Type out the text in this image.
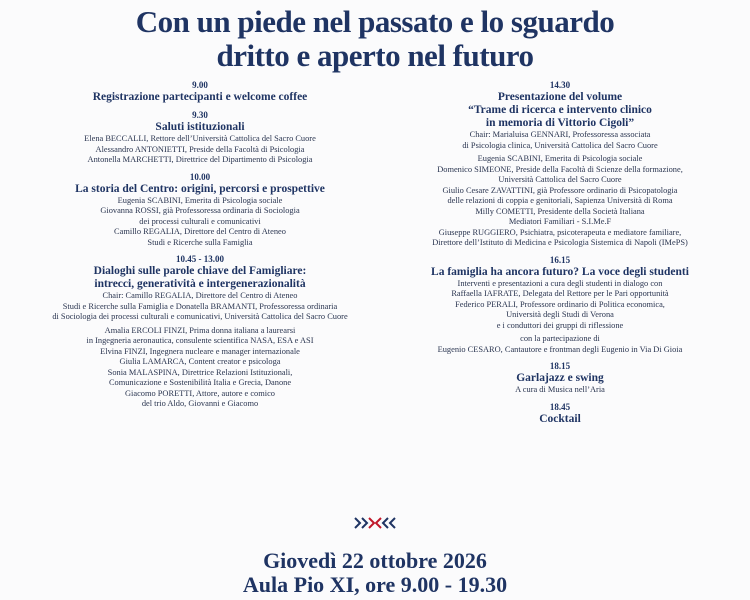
Con un piede nel passato e lo sguardo
dritto e aperto nel futuro
9.00
Registrazione partecipanti e welcome coffee
9.30
Saluti istituzionali
Elena BECCALLI, Rettore dell’Università Cattolica del Sacro Cuore
Alessandro ANTONIETTI, Preside della Facoltà di Psicologia
Antonella MARCHETTI, Direttrice del Dipartimento di Psicologia
10.00
La storia del Centro: origini, percorsi e prospettive
Eugenia SCABINI, Emerita di Psicologia sociale
Giovanna ROSSI, già Professoressa ordinaria di Sociologia
dei processi culturali e comunicativi
Camillo REGALIA, Direttore del Centro di Ateneo
Studi e Ricerche sulla Famiglia
10.45 - 13.00
Dialoghi sulle parole chiave del Famigliare:
intrecci, generatività e intergenerazionalità
Chair: Camillo REGALIA, Direttore del Centro di Ateneo
Studi e Ricerche sulla Famiglia e Donatella BRAMANTI, Professoressa ordinaria
di Sociologia dei processi culturali e comunicativi, Università Cattolica del Sacro Cuore
Amalia ERCOLI FINZI, Prima donna italiana a laurearsi
in Ingegneria aeronautica, consulente scientifica NASA, ESA e ASI
Elvina FINZI, Ingegnera nucleare e manager internazionale
Giulia LAMARCA, Content creator e psicologa
Sonia MALASPINA, Direttrice Relazioni Istituzionali,
Comunicazione e Sostenibilità Italia e Grecia, Danone
Giacomo PORETTI, Attore, autore e comico
del trio Aldo, Giovanni e Giacomo
14.30
Presentazione del volume
“Trame di ricerca e intervento clinico
in memoria di Vittorio Cigoli”
Chair: Marialuisa GENNARI, Professoressa associata
di Psicologia clinica, Università Cattolica del Sacro Cuore
Eugenia SCABINI, Emerita di Psicologia sociale
Domenico SIMEONE, Preside della Facoltà di Scienze della formazione,
Università Cattolica del Sacro Cuore
Giulio Cesare ZAVATTINI, già Professore ordinario di Psicopatologia
delle relazioni di coppia e genitoriali, Sapienza Università di Roma
Milly COMETTI, Presidente della Società Italiana
Mediatori Familiari - S.I.Me.F
Giuseppe RUGGIERO, Psichiatra, psicoterapeuta e mediatore familiare,
Direttore dell’Istituto di Medicina e Psicologia Sistemica di Napoli (IMePS)
16.15
La famiglia ha ancora futuro? La voce degli studenti
Interventi e presentazioni a cura degli studenti in dialogo con
Raffaella IAFRATE, Delegata del Rettore per le Pari opportunità
Federico PERALI, Professore ordinario di Politica economica,
Università degli Studi di Verona
e i conduttori dei gruppi di riflessione
con la partecipazione di
Eugenio CESARO, Cantautore e frontman degli Eugenio in Via Di Gioia
18.15
Garlajazz e swing
A cura di Musica nell’Aria
18.45
Cocktail
Giovedì 22 ottobre 2026
Aula Pio XI, ore 9.00 - 19.30
